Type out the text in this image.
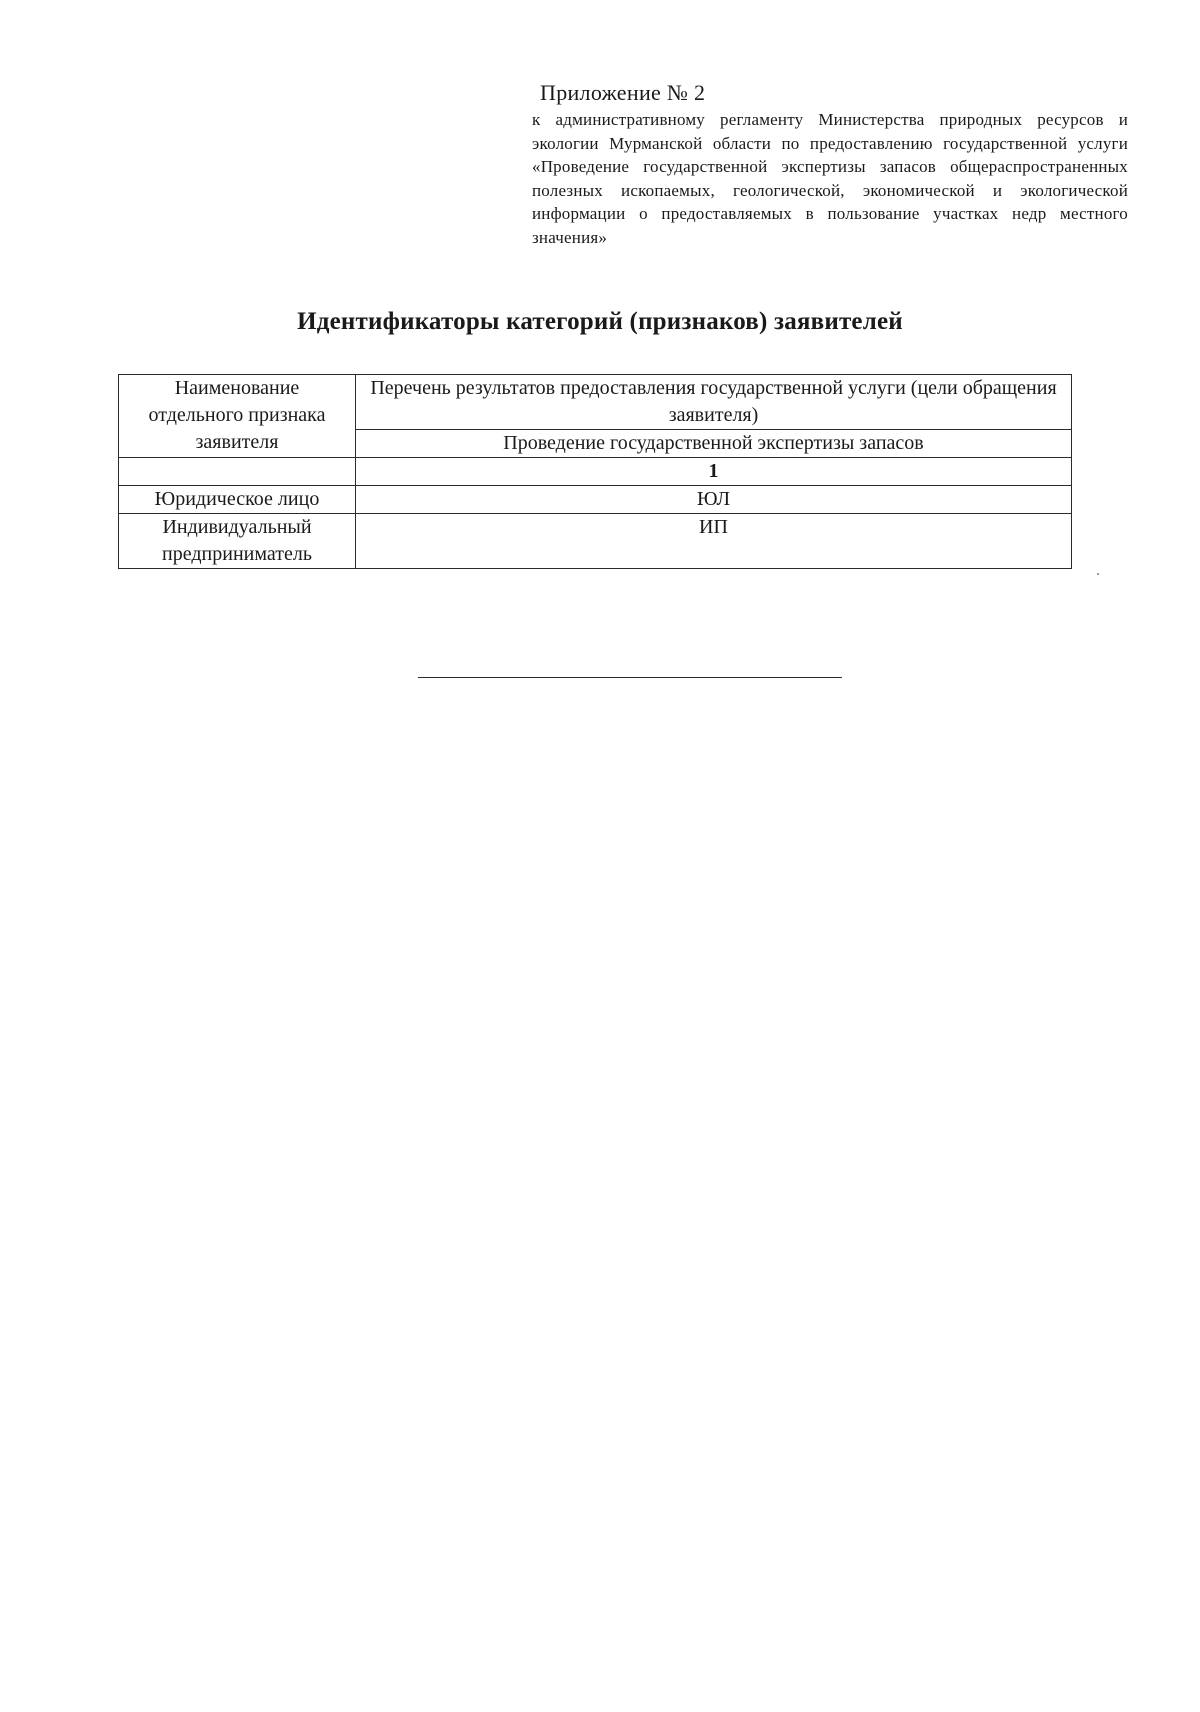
Приложение № 2
к административному регламенту Министерства природных ресурсов и экологии Мурманской области по предоставлению государственной услуги «Проведение государственной экспертизы запасов общераспространенных полезных ископаемых, геологической, экономической и экологической информации о предоставляемых в пользование участках недр местного значения»
Идентификаторы категорий (признаков) заявителей
Наименование отдельного признака заявителя	Перечень результатов предоставления государственной услуги (цели обращения заявителя)
	Проведение государственной экспертизы запасов
	1
Юридическое лицо	ЮЛ
Индивидуальный предприниматель	ИП
